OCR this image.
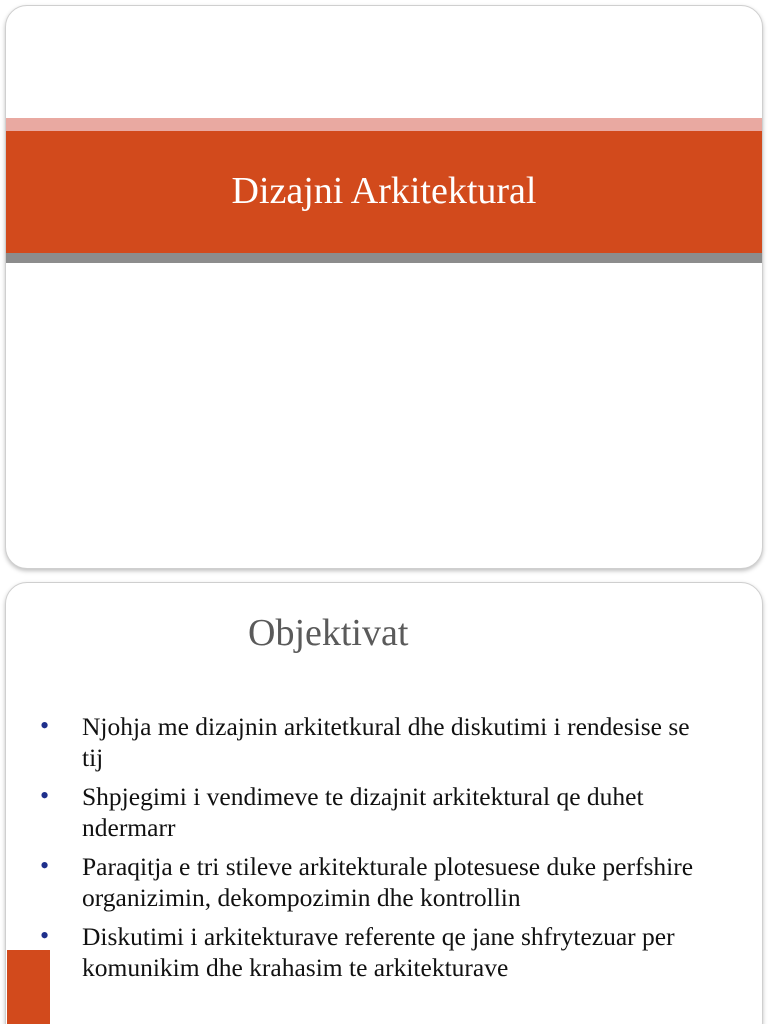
Dizajni Arkitektural
Objektivat
• Njohja me dizajnin arkitetkural dhe diskutimi i rendesise se tij
• Shpjegimi i vendimeve te dizajnit arkitektural qe duhet ndermarr
• Paraqitja e tri stileve arkitekturale plotesuese duke perfshire organizimin, dekompozimin dhe kontrollin
• Diskutimi i arkitekturave referente qe jane shfrytezuar per komunikim dhe krahasim te arkitekturave
